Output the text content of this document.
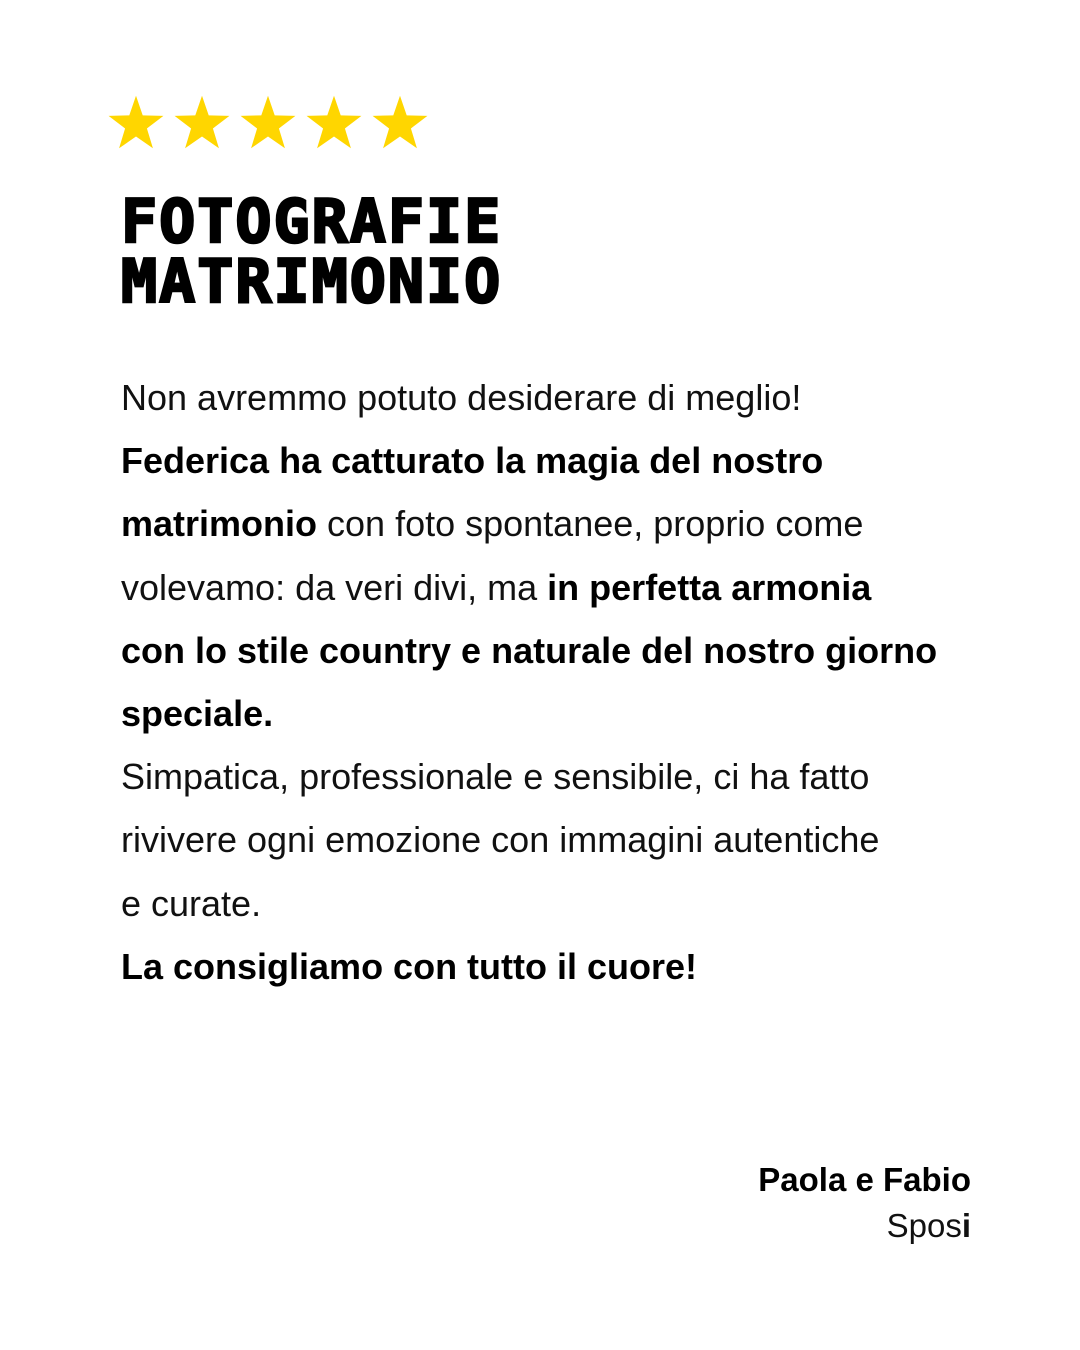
FOTOGRAFIE
MATRIMONIO

Non avremmo potuto desiderare di meglio!
Federica ha catturato la magia del nostro
matrimonio con foto spontanee, proprio come
volevamo: da veri divi, ma in perfetta armonia
con lo stile country e naturale del nostro giorno
speciale.
Simpatica, professionale e sensibile, ci ha fatto
rivivere ogni emozione con immagini autentiche
e curate.
La consigliamo con tutto il cuore!

Paola e Fabio
Sposi
